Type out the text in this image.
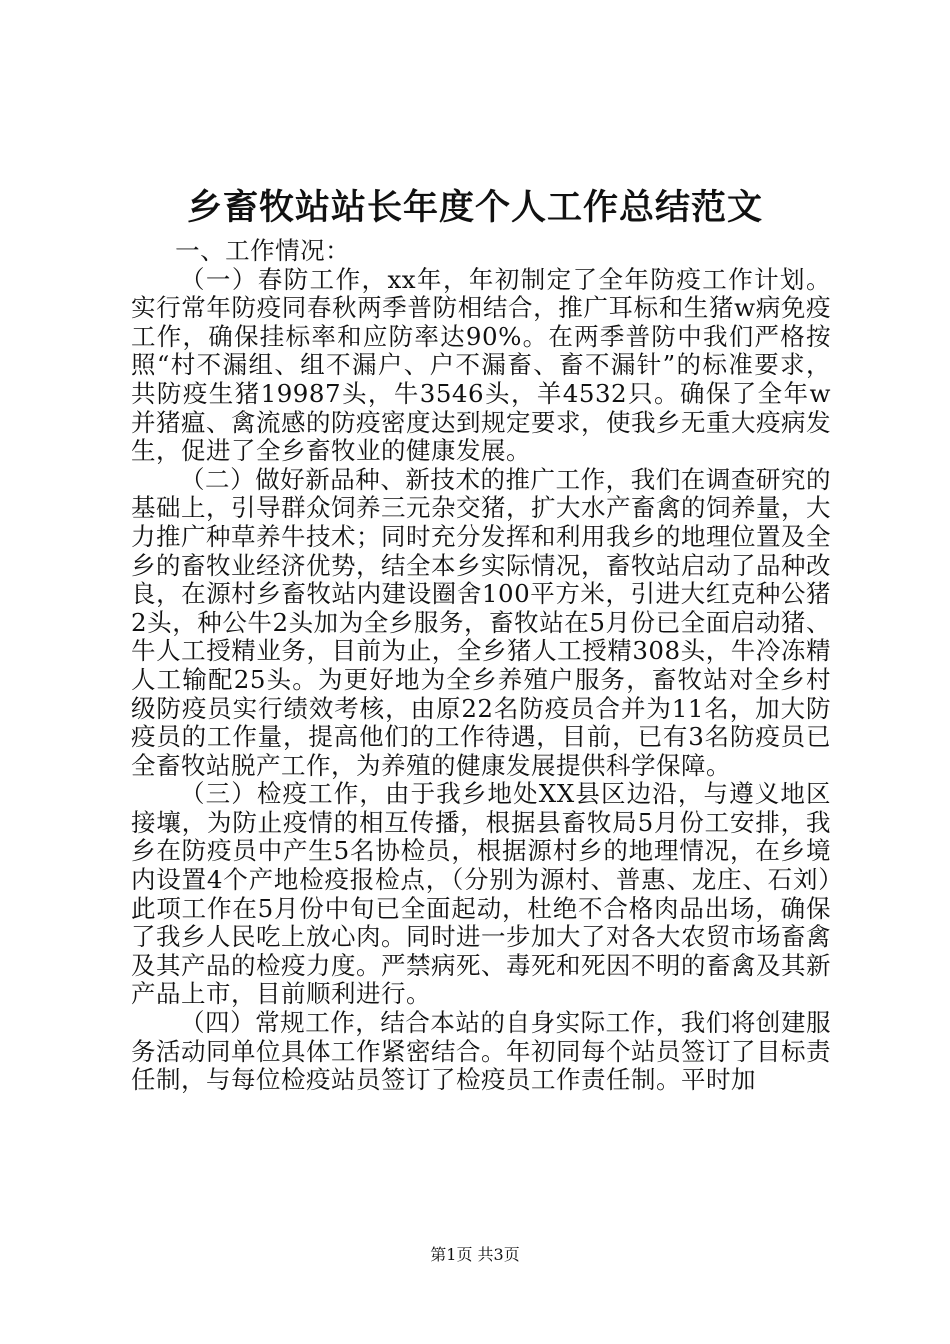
乡畜牧站站长年度个人工作总结范文

一、工作情况：

（一）春防工作，xx年，年初制定了全年防疫工作计划。实行常年防疫同春秋两季普防相结合，推广耳标和生猪w病免疫工作，确保挂标率和应防率达90%。在两季普防中我们严格按照“村不漏组、组不漏户、户不漏畜、畜不漏针”的标准要求，共防疫生猪19987头，牛3546头，羊4532只。确保了全年w并猪瘟、禽流感的防疫密度达到规定要求，使我乡无重大疫病发生，促进了全乡畜牧业的健康发展。

（二）做好新品种、新技术的推广工作，我们在调查研究的基础上，引导群众饲养三元杂交猪，扩大水产畜禽的饲养量，大力推广种草养牛技术；同时充分发挥和利用我乡的地理位置及全乡的畜牧业经济优势，结全本乡实际情况，畜牧站启动了品种改良，在源村乡畜牧站内建设圈舍100平方米，引进大红克种公猪2头，种公牛2头加为全乡服务，畜牧站在5月份已全面启动猪、牛人工授精业务，目前为止，全乡猪人工授精308头，牛冷冻精人工输配25头。为更好地为全乡养殖户服务，畜牧站对全乡村级防疫员实行绩效考核，由原22名防疫员合并为11名，加大防疫员的工作量，提高他们的工作待遇，目前，已有3名防疫员已全畜牧站脱产工作，为养殖的健康发展提供科学保障。

（三）检疫工作，由于我乡地处XX县区边沿，与遵义地区接壤，为防止疫情的相互传播，根据县畜牧局5月份工安排，我乡在防疫员中产生5名协检员，根据源村乡的地理情况，在乡境内设置4个产地检疫报检点，（分别为源村、普惠、龙庄、石刘）此项工作在5月份中旬已全面起动，杜绝不合格肉品出场，确保了我乡人民吃上放心肉。同时进一步加大了对各大农贸市场畜禽及其产品的检疫力度。严禁病死、毒死和死因不明的畜禽及其新产品上市，目前顺利进行。

（四）常规工作，结合本站的自身实际工作，我们将创建服务活动同单位具体工作紧密结合。年初同每个站员签订了目标责任制，与每位检疫站员签订了检疫员工作责任制。平时加

第1页 共3页
